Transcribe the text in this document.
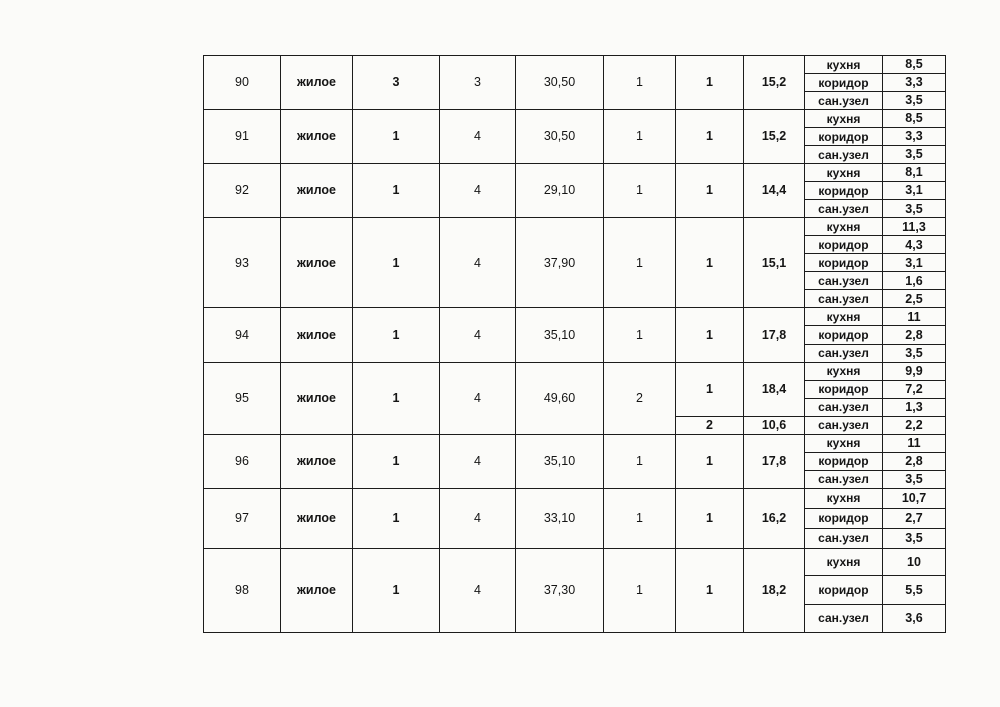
90	жилое	3	3	30,50	1	1	15,2	кухня	8,5
								коридор	3,3
								сан.узел	3,5
91	жилое	1	4	30,50	1	1	15,2	кухня	8,5
								коридор	3,3
								сан.узел	3,5
92	жилое	1	4	29,10	1	1	14,4	кухня	8,1
								коридор	3,1
								сан.узел	3,5
93	жилое	1	4	37,90	1	1	15,1	кухня	11,3
								коридор	4,3
								коридор	3,1
								сан.узел	1,6
								сан.узел	2,5
94	жилое	1	4	35,10	1	1	17,8	кухня	11
								коридор	2,8
								сан.узел	3,5
95	жилое	1	4	49,60	2	1	18,4	кухня	9,9
								коридор	7,2
								сан.узел	1,3
						2	10,6	сан.узел	2,2
96	жилое	1	4	35,10	1	1	17,8	кухня	11
								коридор	2,8
								сан.узел	3,5
97	жилое	1	4	33,10	1	1	16,2	кухня	10,7
								коридор	2,7
								сан.узел	3,5
98	жилое	1	4	37,30	1	1	18,2	кухня	10
								коридор	5,5
								сан.узел	3,6
